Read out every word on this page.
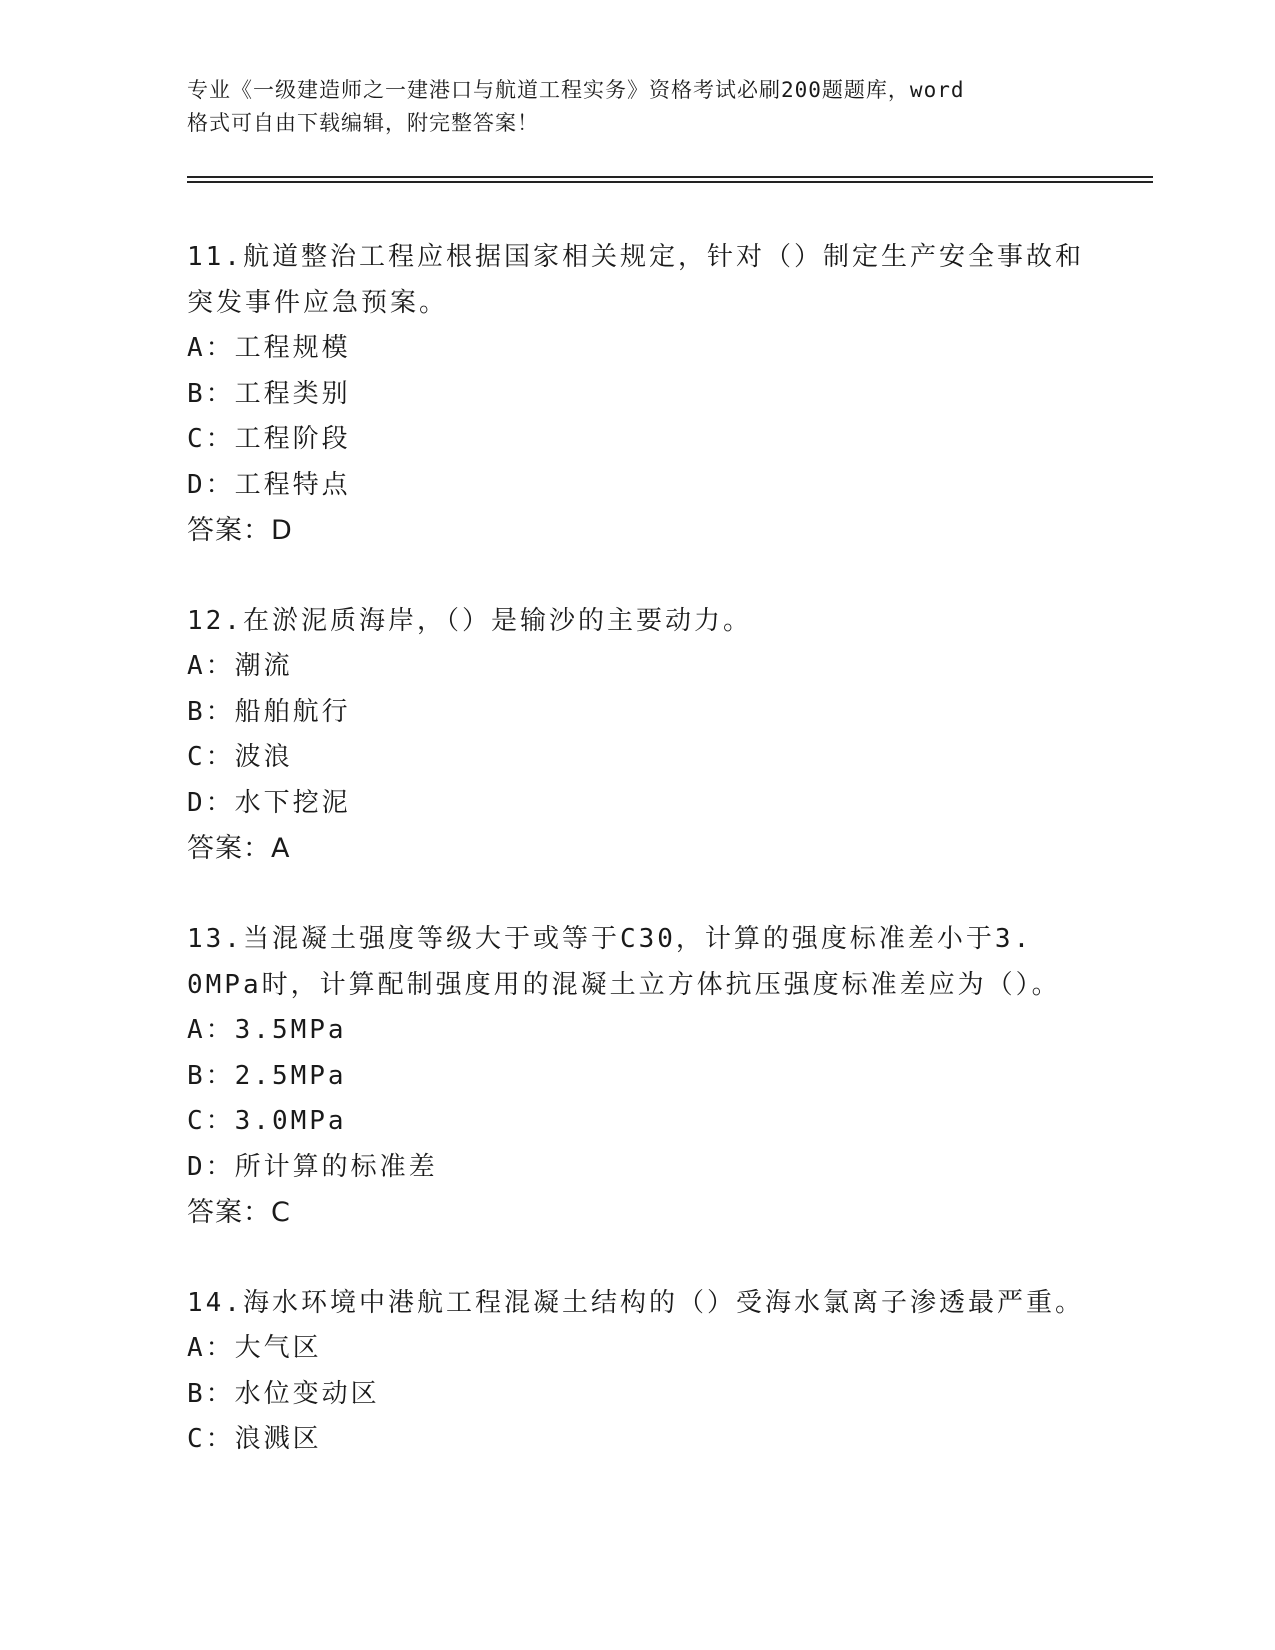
专业《一级建造师之一建港口与航道工程实务》资格考试必刷200题题库，word
格式可自由下载编辑，附完整答案！

11.航道整治工程应根据国家相关规定，针对（）制定生产安全事故和

突发事件应急预案。

A：工程规模

B：工程类别

C：工程阶段

D：工程特点

答案：D

12.在淤泥质海岸，（）是输沙的主要动力。

A：潮流

B：船舶航行

C：波浪

D：水下挖泥

答案：A

13.当混凝土强度等级大于或等于C30，计算的强度标准差小于3.

0MPa时，计算配制强度用的混凝土立方体抗压强度标准差应为（）。

A：3.5MPa

B：2.5MPa

C：3.0MPa

D：所计算的标准差

答案：C

14.海水环境中港航工程混凝土结构的（）受海水氯离子渗透最严重。

A：大气区

B：水位变动区

C：浪溅区
